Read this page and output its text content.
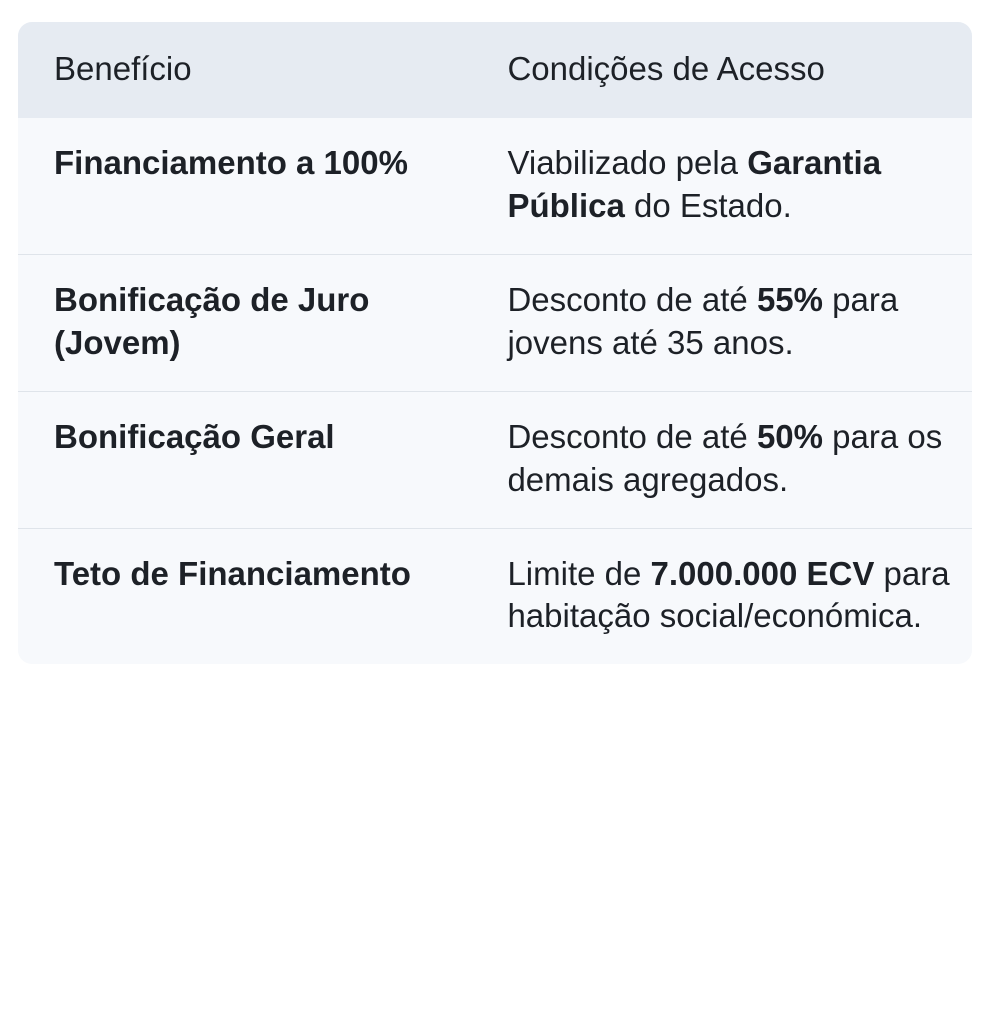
Benefício	Condições de Acesso
Financiamento a 100%	Viabilizado pela Garantia Pública do Estado.
Bonificação de Juro (Jovem)	Desconto de até 55% para jovens até 35 anos.
Bonificação Geral	Desconto de até 50% para os demais agregados.
Teto de Financiamento	Limite de 7.000.000 ECV para habitação social/económica.
